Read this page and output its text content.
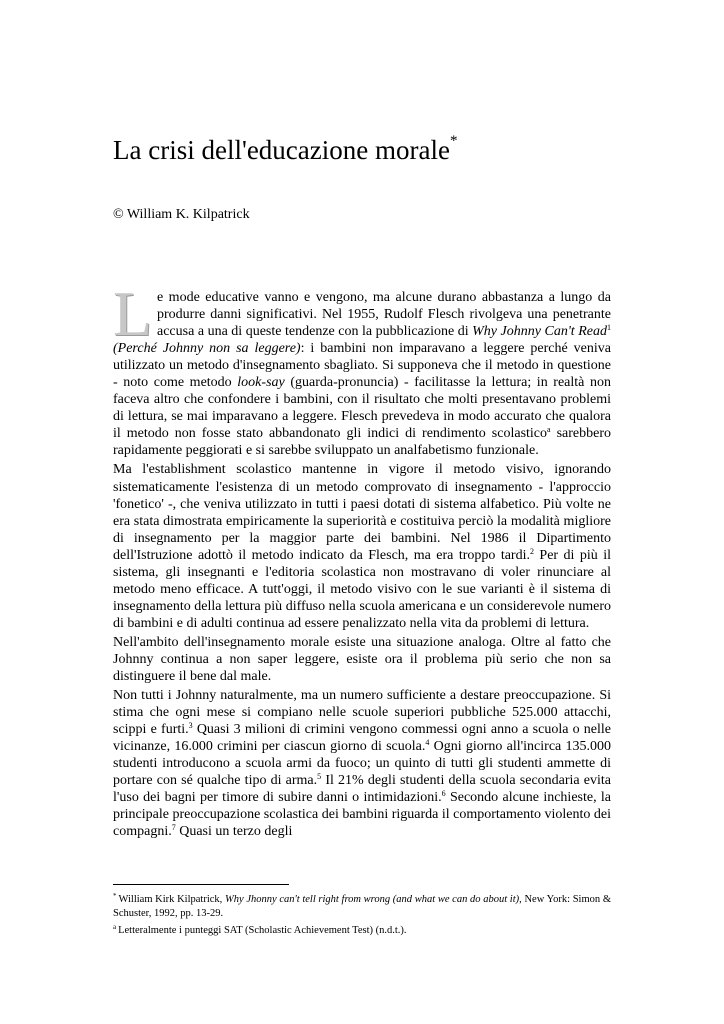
La crisi dell'educazione morale*
© William K. Kilpatrick

Le mode educative vanno e vengono, ma alcune durano abbastanza a lungo da produrre danni significativi. Nel 1955, Rudolf Flesch rivolgeva una penetrante accusa a una di queste tendenze con la pubblicazione di Why Johnny Can't Read$^1$ (Perché Johnny non sa leggere): i bambini non imparavano a leggere perché veniva utilizzato un metodo d'insegnamento sbagliato. Si supponeva che il metodo in questione - noto come metodo look-say (guarda-pronuncia) - facilitasse la lettura; in realtà non faceva altro che confondere i bambini, con il risultato che molti presentavano problemi di lettura, se mai imparavano a leggere. Flesch prevedeva in modo accurato che qualora il metodo non fosse stato abbandonato gli indici di rendimento scolastico$^a$ sarebbero rapidamente peggiorati e si sarebbe sviluppato un analfabetismo funzionale.

Ma l'establishment scolastico mantenne in vigore il metodo visivo, ignorando sistematicamente l'esistenza di un metodo comprovato di insegnamento - l'approccio 'fonetico' -, che veniva utilizzato in tutti i paesi dotati di sistema alfabetico. Più volte ne era stata dimostrata empiricamente la superiorità e costituiva perciò la modalità migliore di insegnamento per la maggior parte dei bambini. Nel 1986 il Dipartimento dell'Istruzione adottò il metodo indicato da Flesch, ma era troppo tardi.$^2$ Per di più il sistema, gli insegnanti e l'editoria scolastica non mostravano di voler rinunciare al metodo meno efficace. A tutt'oggi, il metodo visivo con le sue varianti è il sistema di insegnamento della lettura più diffuso nella scuola americana e un considerevole numero di bambini e di adulti continua ad essere penalizzato nella vita da problemi di lettura.

Nell'ambito dell'insegnamento morale esiste una situazione analoga. Oltre al fatto che Johnny continua a non saper leggere, esiste ora il problema più serio che non sa distinguere il bene dal male.

Non tutti i Johnny naturalmente, ma un numero sufficiente a destare preoccupazione. Si stima che ogni mese si compiano nelle scuole superiori pubbliche 525.000 attacchi, scippi e furti.$^3$ Quasi 3 milioni di crimini vengono commessi ogni anno a scuola o nelle vicinanze, 16.000 crimini per ciascun giorno di scuola.$^4$ Ogni giorno all'incirca 135.000 studenti introducono a scuola armi da fuoco; un quinto di tutti gli studenti ammette di portare con sé qualche tipo di arma.$^5$ Il 21% degli studenti della scuola secondaria evita l'uso dei bagni per timore di subire danni o intimidazioni.$^6$ Secondo alcune inchieste, la principale preoccupazione scolastica dei bambini riguarda il comportamento violento dei compagni.$^7$ Quasi un terzo degli

* William Kirk Kilpatrick, Why Jhonny can't tell right from wrong (and what we can do about it), New York: Simon & Schuster, 1992, pp. 13-29.

$^a$ Letteralmente i punteggi SAT (Scholastic Achievement Test) (n.d.t.).
